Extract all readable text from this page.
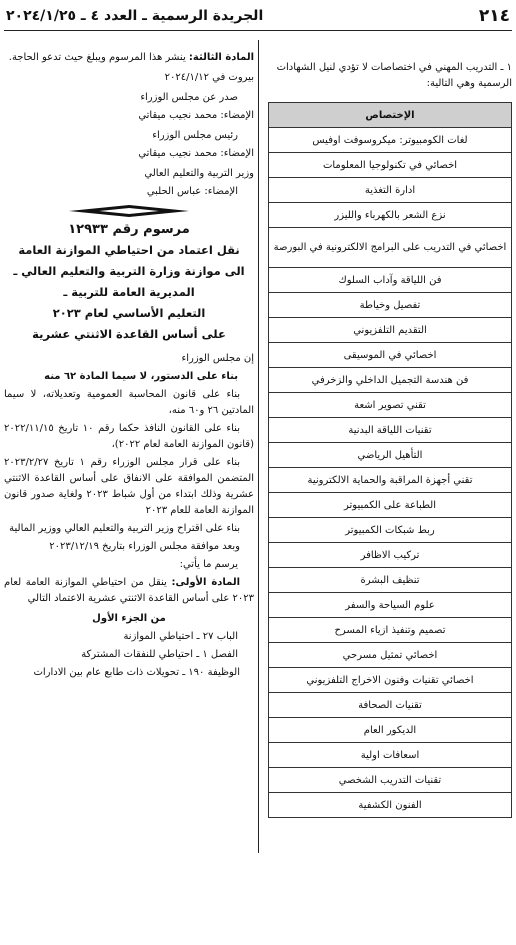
٢١٤
الجريدة الرسمية ـ العدد ٤ ـ ٢٠٢٤/١/٢٥

١ ـ التدريب المهني في اختصاصات لا تؤدي لنيل الشهادات الرسمية وهي التالية:

الإختصاص
لغات الكومبيوتر: ميكروسوفت اوفيس
اخصائي في تكنولوجيا المعلومات
ادارة التغذية
نزع الشعر بالكهرباء والليزر
اخصائي في التدريب على البرامج الالكترونية في البورصة
فن اللياقة وآداب السلوك
تفصيل وخياطة
التقديم التلفزيوني
اخصائي في الموسيقى
فن هندسة التجميل الداخلي والزخرفي
تقني تصوير اشعة
تقنيات اللياقة البدنية
التأهيل الرياضي
تقني أجهزة المراقبة والحماية الالكترونية
الطباعة على الكمبيوتر
ربط شبكات الكمبيوتر
تركيب الاظافر
تنظيف البشرة
علوم السياحة والسفر
تصميم وتنفيذ ازياء المسرح
اخصائي تمثيل مسرحي
اخصائي تقنيات وفنون الاخراج التلفزيوني
تقنيات الصحافة
الديكور العام
اسعافات اولية
تقنيات التدريب الشخصي
الفنون الكشفية

المادة الثالثة: ينشر هذا المرسوم ويبلغ حيث تدعو الحاجة.

بيروت في ٢٠٢٤/١/١٢

صدر عن مجلس الوزراء

الإمضاء: محمد نجيب ميقاتي

رئيس مجلس الوزراء

الإمضاء: محمد نجيب ميقاتي

وزير التربية والتعليم العالي

الإمضاء: عباس الحلبي

مرسوم رقم ١٢٩٣٣

نقل اعتماد من احتياطي الموازنة العامة

الى موازنة وزارة التربية والتعليم العالي ـ

المديرية العامة للتربية ـ

التعليم الأساسي لعام ٢٠٢٣

على أساس القاعدة الاثنتي عشرية

إن مجلس الوزراء

بناء على الدستور، لا سيما المادة ٦٢ منه

بناء على قانون المحاسبة العمومية وتعديلاته، لا سيما المادتين ٢٦ و٦٠ منه،

بناء على القانون النافذ حكما رقم ١٠ تاريخ ٢٠٢٢/١١/١٥ (قانون الموازنة العامة لعام ٢٠٢٢)،

بناء على قرار مجلس الوزراء رقم ١ تاريخ ٢٠٢٣/٢/٢٧ المتضمن الموافقة على الانفاق على أساس القاعدة الاثنتي عشرية وذلك ابتداء من أول شباط ٢٠٢٣ ولغاية صدور قانون الموازنة العامة للعام ٢٠٢٣

بناء على اقتراح وزير التربية والتعليم العالي ووزير المالية

وبعد موافقة مجلس الوزراء بتاريخ ٢٠٢٣/١٢/١٩

يرسم ما يأتي:

المادة الأولى: ينقل من احتياطي الموازنة العامة لعام ٢٠٢٣ على أساس القاعدة الاثنتي عشرية الاعتماد التالي

من الجزء الأول

الباب ٢٧ ـ احتياطي الموازنة

الفصل ١ ـ احتياطي للنفقات المشتركة

الوظيفة ١٩٠ ـ تحويلات ذات طابع عام بين الادارات
